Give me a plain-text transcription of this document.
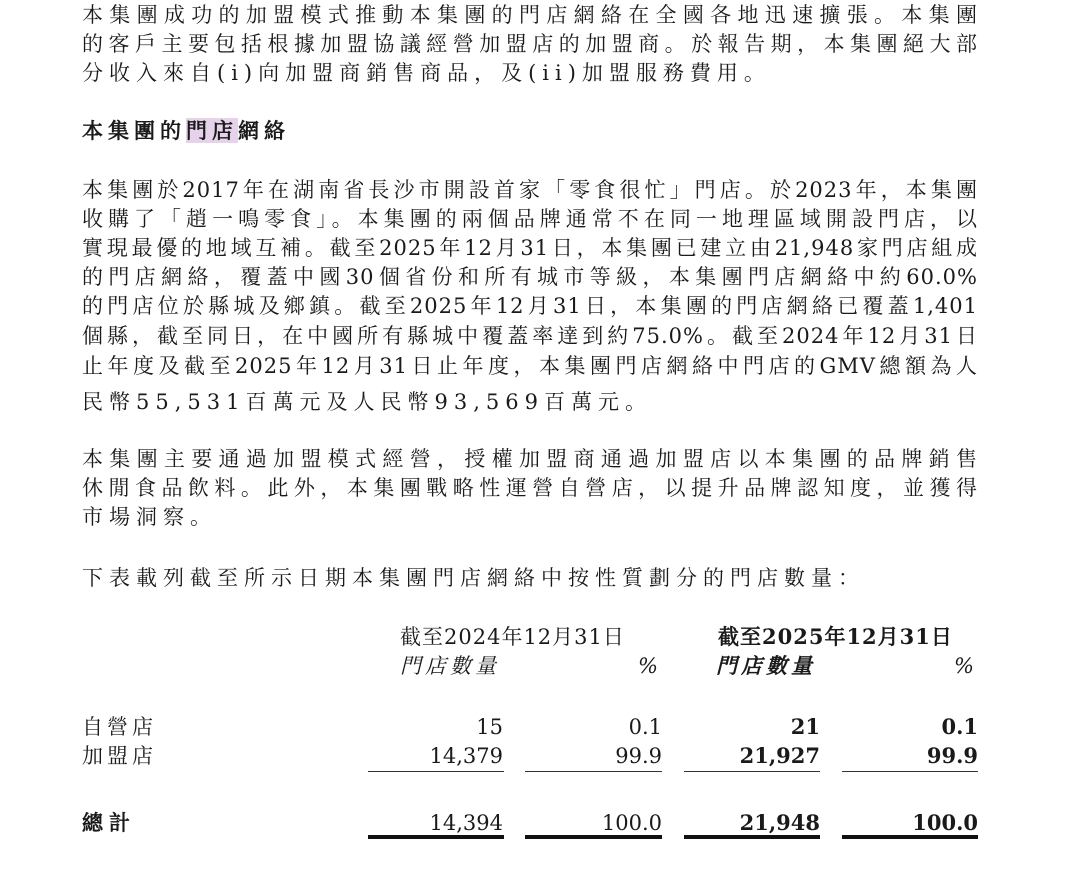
本集團成功的加盟模式推動本集團的門店網絡在全國各地迅速擴張。本集團
的客戶主要包括根據加盟協議經營加盟店的加盟商。於報告期，本集團絕大部
分收入來自(i)向加盟商銷售商品，及(ii)加盟服務費用。
本集團的門店網絡
本集團於2017年在湖南省長沙市開設首家「零食很忙」門店。於2023年，本集團
收購了「趙一鳴零食」。本集團的兩個品牌通常不在同一地理區域開設門店，以
實現最優的地域互補。截至2025年12月31日，本集團已建立由21,948家門店組成
的門店網絡，覆蓋中國30個省份和所有城市等級，本集團門店網絡中約60.0%
的門店位於縣城及鄉鎮。截至2025年12月31日，本集團的門店網絡已覆蓋1,401
個縣，截至同日，在中國所有縣城中覆蓋率達到約75.0%。截至2024年12月31日
止年度及截至2025年12月31日止年度，本集團門店網絡中門店的GMV總額為人
民幣55,531百萬元及人民幣93,569百萬元。
本集團主要通過加盟模式經營，授權加盟商通過加盟店以本集團的品牌銷售
休閒食品飲料。此外，本集團戰略性運營自營店，以提升品牌認知度，並獲得
市場洞察。
下表載列截至所示日期本集團門店網絡中按性質劃分的門店數量：
截至2024年12月31日	截至2025年12月31日
門店數量	%	門店數量	%
自營店	15	0.1	21	0.1
加盟店	14,379	99.9	21,927	99.9
總計	14,394	100.0	21,948	100.0
